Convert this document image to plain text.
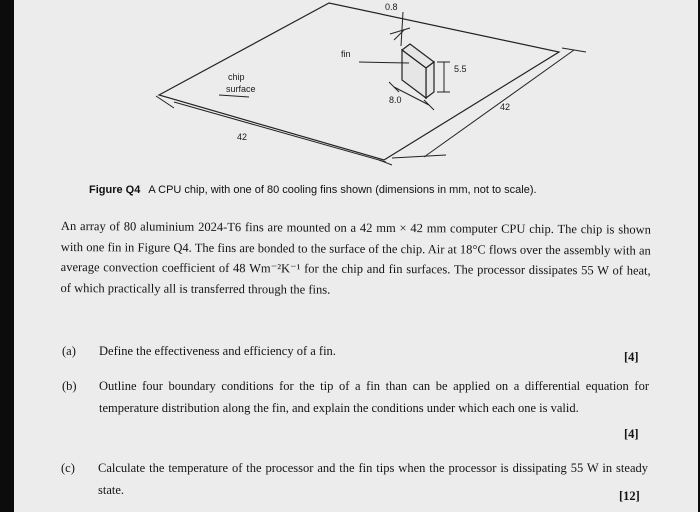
0.8
fin
5.5
chip
surface
8.0
42
42
Figure Q4 A CPU chip, with one of 80 cooling fins shown (dimensions in mm, not to scale).
An array of 80 aluminium 2024-T6 fins are mounted on a 42 mm × 42 mm computer CPU chip. The chip is shown with one fin in Figure Q4. The fins are bonded to the surface of the chip. Air at 18°C flows over the assembly with an average convection coefficient of 48 Wm⁻²K⁻¹ for the chip and fin surfaces. The processor dissipates 55 W of heat, of which practically all is transferred through the fins.
(a) Define the effectiveness and efficiency of a fin.	[4]
(b) Outline four boundary conditions for the tip of a fin than can be applied on a differential equation for temperature distribution along the fin, and explain the conditions under which each one is valid.
[4]
(c) Calculate the temperature of the processor and the fin tips when the processor is dissipating 55 W in steady state.	[12]
